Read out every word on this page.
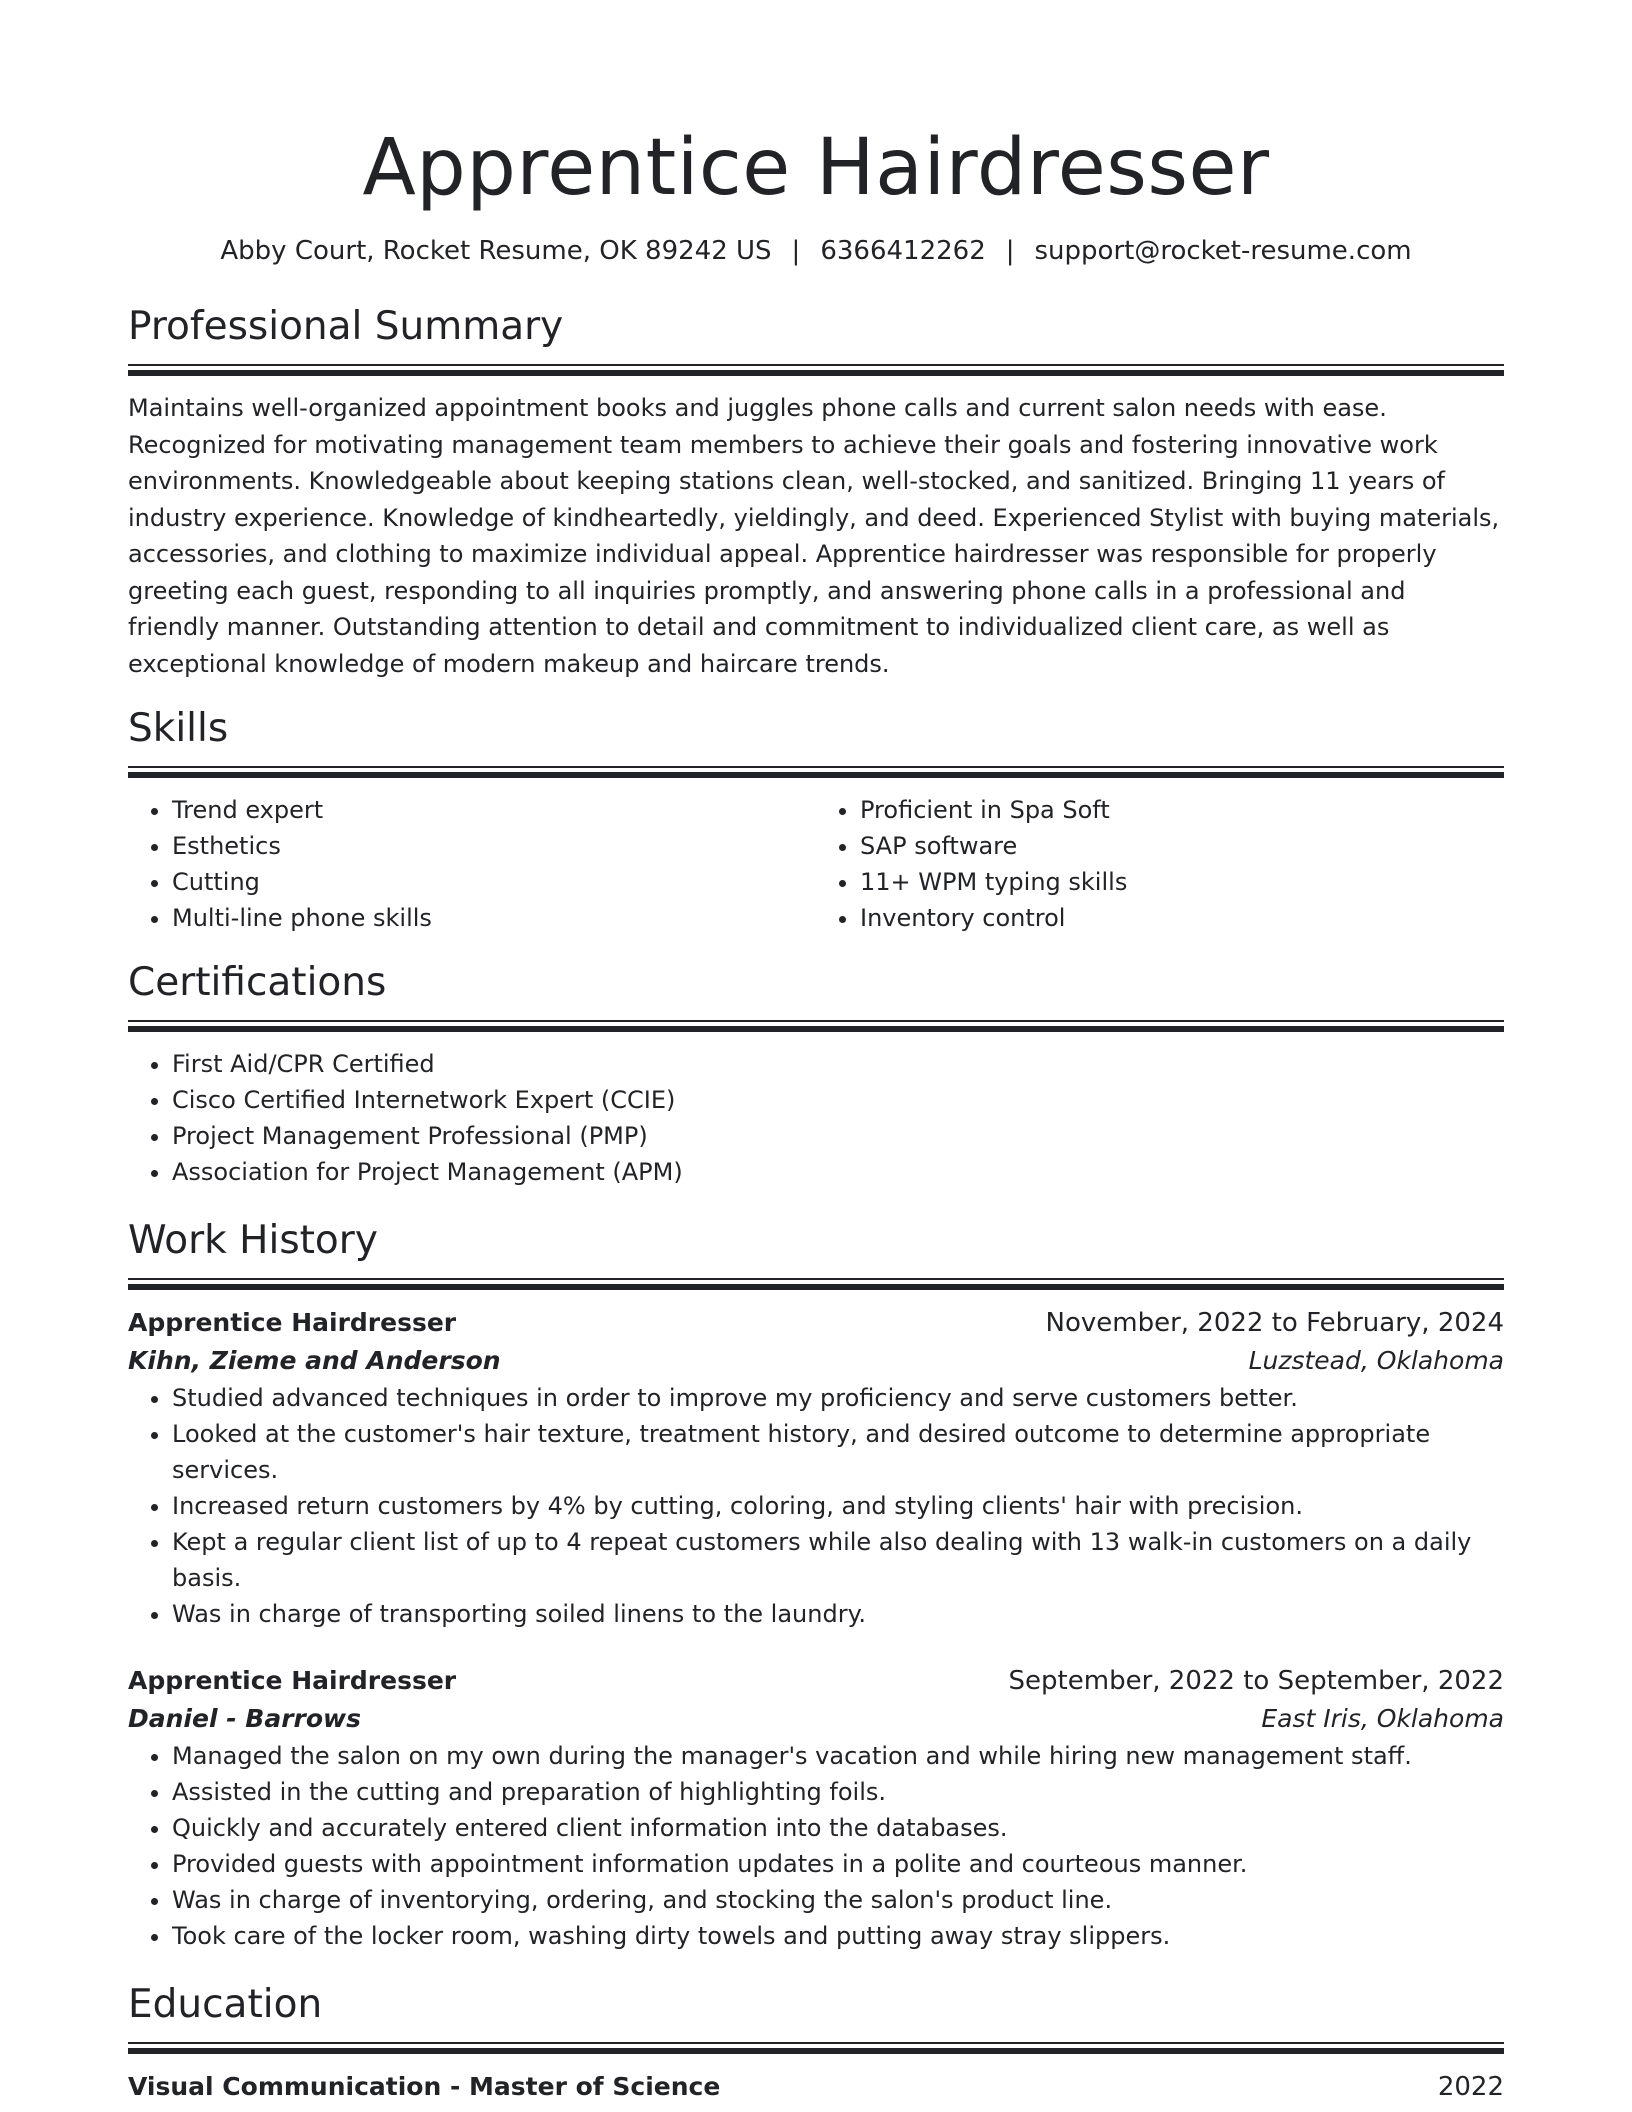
Apprentice Hairdresser
Abby Court, Rocket Resume, OK 89242 US | 6366412262 | support@rocket-resume.com
Professional Summary

Maintains well-organized appointment books and juggles phone calls and current salon needs with ease. Recognized for motivating management team members to achieve their goals and fostering innovative work environments. Knowledgeable about keeping stations clean, well-stocked, and sanitized. Bringing 11 years of industry experience. Knowledge of kindheartedly, yieldingly, and deed. Experienced Stylist with buying materials, accessories, and clothing to maximize individual appeal. Apprentice hairdresser was responsible for properly greeting each guest, responding to all inquiries promptly, and answering phone calls in a professional and friendly manner. Outstanding attention to detail and commitment to individualized client care, as well as exceptional knowledge of modern makeup and haircare trends.

Skills
• Trend expert
• Esthetics
• Cutting
• Multi-line phone skills
• Proficient in Spa Soft
• SAP software
• 11+ WPM typing skills
• Inventory control
Certifications
• First Aid/CPR Certified
• Cisco Certified Internetwork Expert (CCIE)
• Project Management Professional (PMP)
• Association for Project Management (APM)
Work History
Apprentice Hairdresser	November, 2022 to February, 2024
Kihn, Zieme and Anderson	Luzstead, Oklahoma
• Studied advanced techniques in order to improve my proficiency and serve customers better.
• Looked at the customer's hair texture, treatment history, and desired outcome to determine appropriate services.
• Increased return customers by 4% by cutting, coloring, and styling clients' hair with precision.
• Kept a regular client list of up to 4 repeat customers while also dealing with 13 walk-in customers on a daily basis.
• Was in charge of transporting soiled linens to the laundry.
Apprentice Hairdresser	September, 2022 to September, 2022
Daniel - Barrows	East Iris, Oklahoma
• Managed the salon on my own during the manager's vacation and while hiring new management staff.
• Assisted in the cutting and preparation of highlighting foils.
• Quickly and accurately entered client information into the databases.
• Provided guests with appointment information updates in a polite and courteous manner.
• Was in charge of inventorying, ordering, and stocking the salon's product line.
• Took care of the locker room, washing dirty towels and putting away stray slippers.
Education
Visual Communication - Master of Science	2022
